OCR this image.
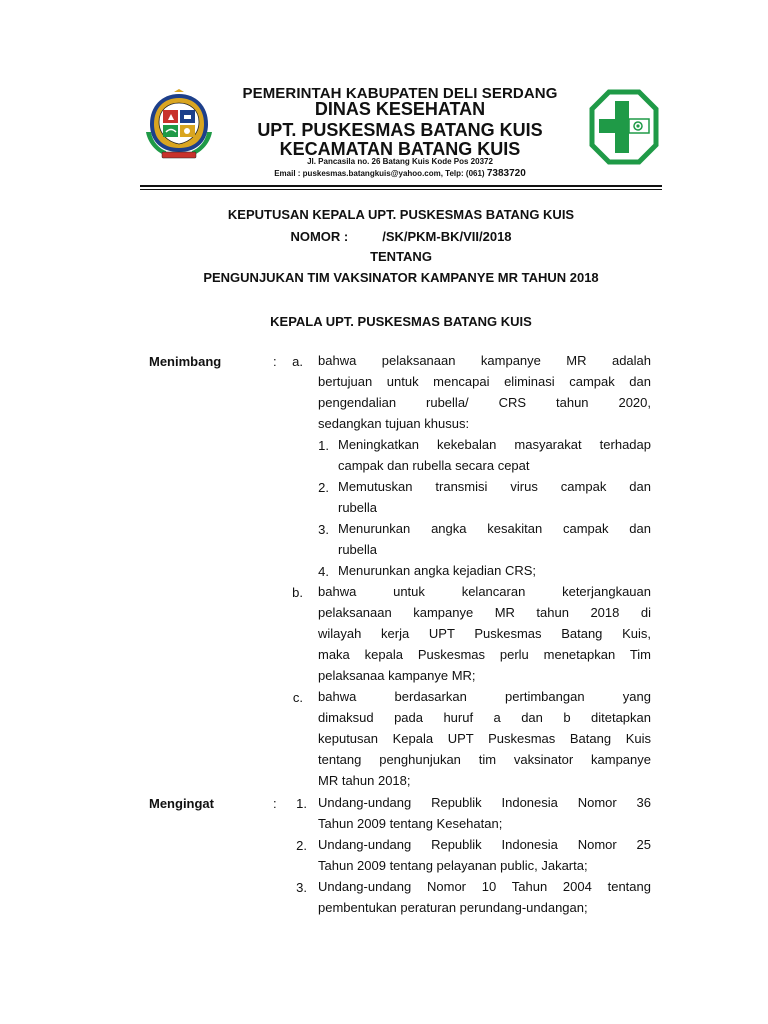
PEMERINTAH KABUPATEN DELI SERDANG
DINAS KESEHATAN
UPT. PUSKESMAS BATANG KUIS
KECAMATAN BATANG KUIS
Jl. Pancasila no. 26 Batang Kuis Kode Pos 20372
Email : puskesmas.batangkuis@yahoo.com, Telp: (061) 7383720
KEPUTUSAN KEPALA UPT. PUSKESMAS BATANG KUIS
NOMOR :	/SK/PKM-BK/VII/2018
TENTANG
PENGUNJUKAN TIM VAKSINATOR KAMPANYE MR TAHUN 2018
KEPALA UPT. PUSKESMAS BATANG KUIS
Menimbang	:	a. bahwa pelaksanaan kampanye MR adalah
bertujuan untuk mencapai eliminasi campak dan
pengendalian rubella/ CRS tahun 2020,
sedangkan tujuan khusus:
1. Meningkatkan kekebalan masyarakat terhadap
campak dan rubella secara cepat
2. Memutuskan transmisi virus campak dan
rubella
3. Menurunkan angka kesakitan campak dan
rubella
4. Menurunkan angka kejadian CRS;
b. bahwa untuk kelancaran keterjangkauan
pelaksanaan kampanye MR tahun 2018 di
wilayah kerja UPT Puskesmas Batang Kuis,
maka kepala Puskesmas perlu menetapkan Tim
pelaksanaa kampanye MR;
c. bahwa berdasarkan pertimbangan yang
dimaksud pada huruf a dan b ditetapkan
keputusan Kepala UPT Puskesmas Batang Kuis
tentang penghunjukan tim vaksinator kampanye
MR tahun 2018;
Mengingat	:	1. Undang-undang Republik Indonesia Nomor 36
Tahun 2009 tentang Kesehatan;
2. Undang-undang Republik Indonesia Nomor 25
Tahun 2009 tentang pelayanan public, Jakarta;
3. Undang-undang Nomor 10 Tahun 2004 tentang
pembentukan peraturan perundang-undangan;
